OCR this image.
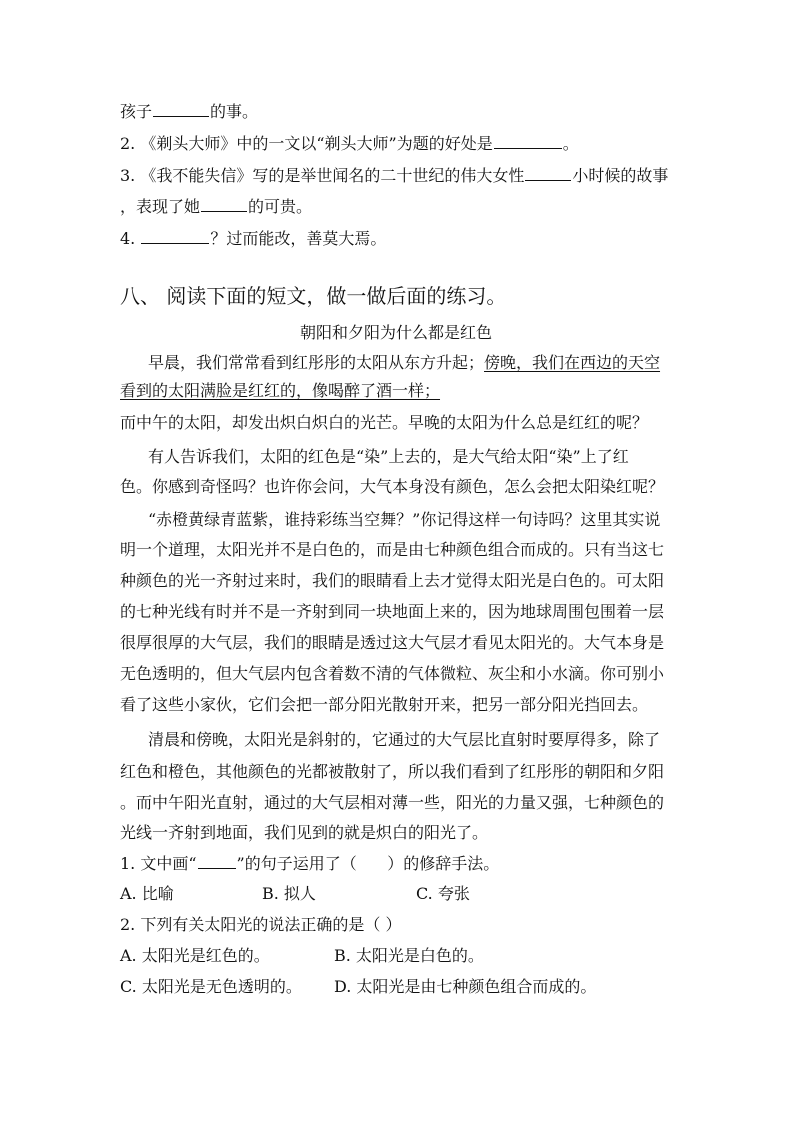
孩子	的事。
2. 《剃头大师》中的一文以“剃头大师”为题的好处是	。
3. 《我不能失信》写的是举世闻名的二十世纪的伟大女性	小时候的故事
，表现了她	的可贵。
4.	？过而能改，善莫大焉。
八、 阅读下面的短文，做一做后面的练习。
朝阳和夕阳为什么都是红色
早晨，我们常常看到红彤彤的太阳从东方升起；傍晚，我们在西边的天空
看到的太阳满脸是红红的，像喝醉了酒一样；
而中午的太阳，却发出炽白炽白的光芒。早晚的太阳为什么总是红红的呢？
有人告诉我们，太阳的红色是“染”上去的，是大气给太阳“染”上了红
色。你感到奇怪吗？也许你会问，大气本身没有颜色，怎么会把太阳染红呢？
“赤橙黄绿青蓝紫，谁持彩练当空舞？”你记得这样一句诗吗？这里其实说
明一个道理，太阳光并不是白色的，而是由七种颜色组合而成的。只有当这七
种颜色的光一齐射过来时，我们的眼睛看上去才觉得太阳光是白色的。可太阳
的七种光线有时并不是一齐射到同一块地面上来的，因为地球周围包围着一层
很厚很厚的大气层，我们的眼睛是透过这大气层才看见太阳光的。大气本身是
无色透明的，但大气层内包含着数不清的气体微粒、灰尘和小水滴。你可别小
看了这些小家伙，它们会把一部分阳光散射开来，把另一部分阳光挡回去。
清晨和傍晚，太阳光是斜射的，它通过的大气层比直射时要厚得多，除了
红色和橙色，其他颜色的光都被散射了，所以我们看到了红彤彤的朝阳和夕阳
。而中午阳光直射，通过的大气层相对薄一些，阳光的力量又强，七种颜色的
光线一齐射到地面，我们见到的就是炽白的阳光了。
1. 文中画“	”的句子运用了（      ）的修辞手法。
A. 比喻	B. 拟人	C. 夸张
2. 下列有关太阳光的说法正确的是（ ）
A. 太阳光是红色的。	B. 太阳光是白色的。
C. 太阳光是无色透明的。 D. 太阳光是由七种颜色组合而成的。
